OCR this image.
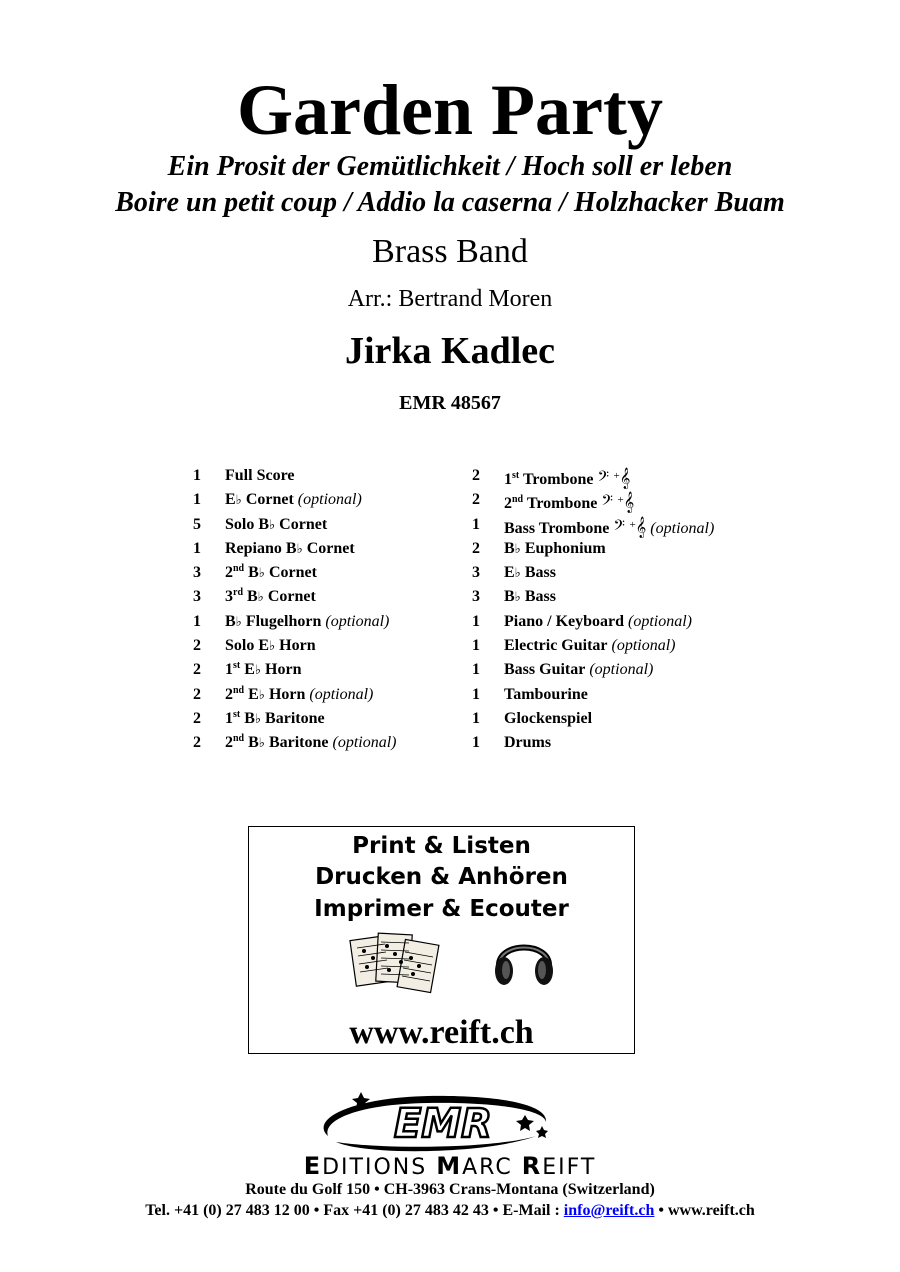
Garden Party
Ein Prosit der Gemütlichkeit / Hoch soll er leben
Boire un petit coup / Addio la caserna / Holzhacker Buam
Brass Band
Arr.: Bertrand Moren
Jirka Kadlec
EMR 48567
1 Full Score
1 E♭ Cornet (optional)
5 Solo B♭ Cornet
1 Repiano B♭ Cornet
3 2nd B♭ Cornet
3 3rd B♭ Cornet
1 B♭ Flugelhorn (optional)
2 Solo E♭ Horn
2 1st E♭ Horn
2 2nd E♭ Horn (optional)
2 1st B♭ Baritone
2 2nd B♭ Baritone (optional)
2 1st Trombone 𝄢 +𝄞
2 2nd Trombone 𝄢 +𝄞
1 Bass Trombone 𝄢 +𝄞 (optional)
2 B♭ Euphonium
3 E♭ Bass
3 B♭ Bass
1 Piano / Keyboard (optional)
1 Electric Guitar (optional)
1 Bass Guitar (optional)
1 Tambourine
1 Glockenspiel
1 Drums
Print & Listen
Drucken & Anhören
Imprimer & Ecouter
www.reift.ch
EMR
EDITIONS MARC REIFT
Route du Golf 150 • CH-3963 Crans-Montana (Switzerland)
Tel. +41 (0) 27 483 12 00 • Fax +41 (0) 27 483 42 43 • E-Mail : info@reift.ch • www.reift.ch
